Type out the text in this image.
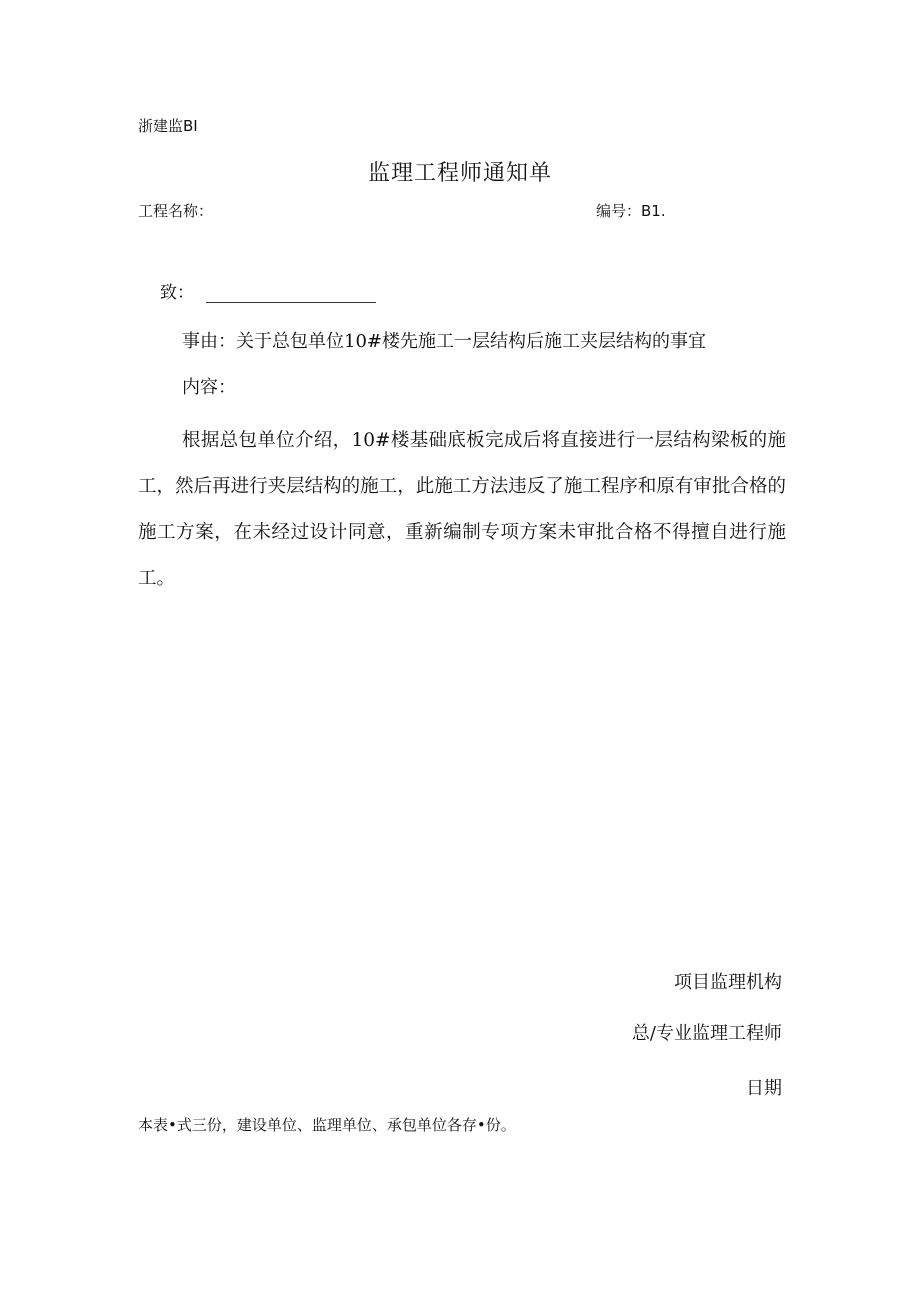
浙建监BI
监理工程师通知单
工程名称：	编号：B1.
致：
事由：关于总包单位10#楼先施工一层结构后施工夹层结构的事宜
内容：
根据总包单位介绍，10#楼基础底板完成后将直接进行一层结构梁板的施工，然后再进行夹层结构的施工，此施工方法违反了施工程序和原有审批合格的施工方案，在未经过设计同意，重新编制专项方案未审批合格不得擅自进行施工。
项目监理机构
总/专业监理工程师
日期
本表•式三份，建设单位、监理单位、承包单位各存•份。
